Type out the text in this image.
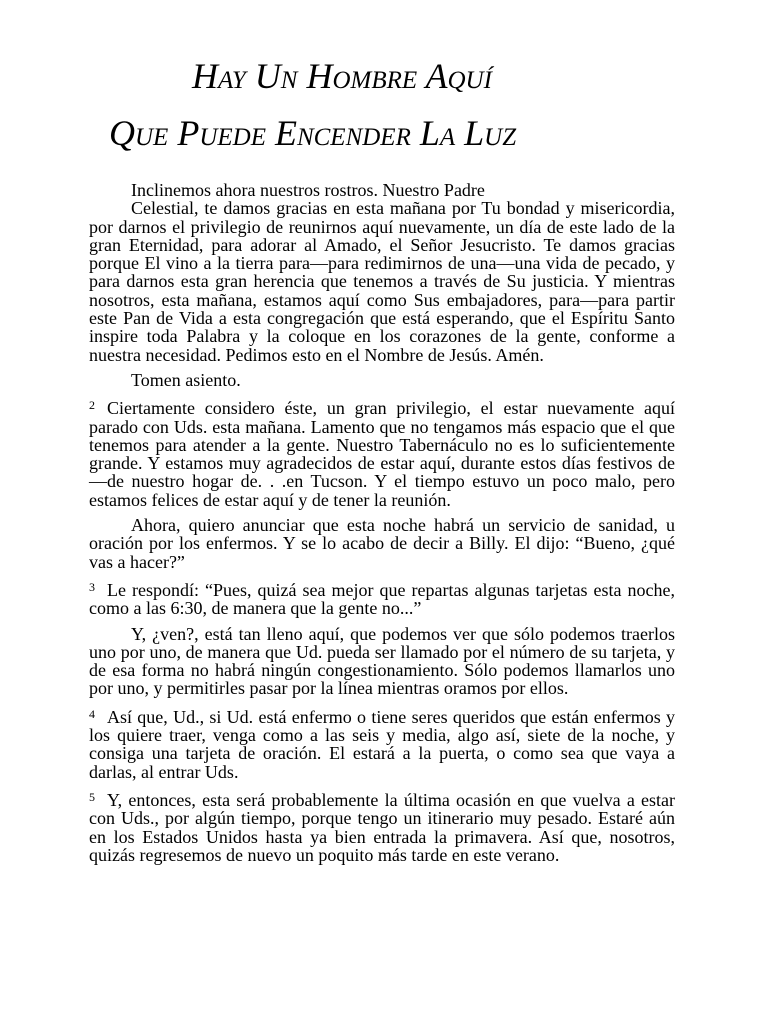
Hay Un Hombre Aquí
Que Puede Encender La Luz

Inclinemos ahora nuestros rostros. Nuestro Padre
Celestial, te damos gracias en esta mañana por Tu bondad y misericordia, por darnos el privilegio de reunirnos aquí nuevamente, un día de este lado de la gran Eternidad, para adorar al Amado, el Señor Jesucristo. Te damos gracias porque El vino a la tierra para—para redimirnos de una—una vida de pecado, y para darnos esta gran herencia que tenemos a través de Su justicia. Y mientras nosotros, esta mañana, estamos aquí como Sus embajadores, para—para partir este Pan de Vida a esta congregación que está esperando, que el Espíritu Santo inspire toda Palabra y la coloque en los corazones de la gente, conforme a nuestra necesidad. Pedimos esto en el Nombre de Jesús. Amén.

Tomen asiento.

$^2$ Ciertamente considero éste, un gran privilegio, el estar nuevamente aquí parado con Uds. esta mañana. Lamento que no tengamos más espacio que el que tenemos para atender a la gente. Nuestro Tabernáculo no es lo suficientemente grande. Y estamos muy agradecidos de estar aquí, durante estos días festivos de—de nuestro hogar de. . .en Tucson. Y el tiempo estuvo un poco malo, pero estamos felices de estar aquí y de tener la reunión.

Ahora, quiero anunciar que esta noche habrá un servicio de sanidad, u oración por los enfermos. Y se lo acabo de decir a Billy. El dijo: “Bueno, ¿qué vas a hacer?”

$^3$ Le respondí: “Pues, quizá sea mejor que repartas algunas tarjetas esta noche, como a las 6:30, de manera que la gente no...”

Y, ¿ven?, está tan lleno aquí, que podemos ver que sólo podemos traerlos uno por uno, de manera que Ud. pueda ser llamado por el número de su tarjeta, y de esa forma no habrá ningún congestionamiento. Sólo podemos llamarlos uno por uno, y permitirles pasar por la línea mientras oramos por ellos.

$^4$ Así que, Ud., si Ud. está enfermo o tiene seres queridos que están enfermos y los quiere traer, venga como a las seis y media, algo así, siete de la noche, y consiga una tarjeta de oración. El estará a la puerta, o como sea que vaya a darlas, al entrar Uds.

$^5$ Y, entonces, esta será probablemente la última ocasión en que vuelva a estar con Uds., por algún tiempo, porque tengo un itinerario muy pesado. Estaré aún en los Estados Unidos hasta ya bien entrada la primavera. Así que, nosotros, quizás regresemos de nuevo un poquito más tarde en este verano.
